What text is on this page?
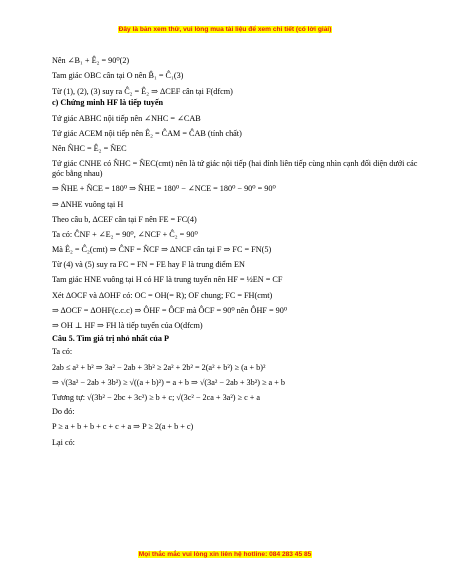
Đây là bản xem thử, vui lòng mua tài liệu để xem chi tiết (có lời giải)
Nên ∠B₁ + Ê₂ = 90⁰(2)
Tam giác OBC cân tại O nên B̂₁ = Ĉ₁(3)
Từ (1), (2), (3) suy ra Ĉ₂ = Ê₂ ⇒ ΔCEF cân tại F(dfcm)
c) Chứng minh HF là tiếp tuyến
Tứ giác ABHC nội tiếp nên ∠NHC = ∠CAB
Tứ giác ACEM nội tiếp nên Ê₂ = ĈAM = ĈAB (tính chất)
Nên N̂HC = Ê₂ = N̂EC
Tứ giác CNHE có N̂HC = N̂EC(cmt) nên là tứ giác nội tiếp (hai đỉnh liên tiếp cùng nhìn cạnh đối diện dưới các góc bằng nhau)
⇒ N̂HE + N̂CE = 180⁰ ⇒ N̂HE = 180⁰ − ∠NCE = 180⁰ − 90⁰ = 90⁰
⇒ ΔNHE vuông tại H
Theo câu b, ΔCEF cân tại F nên FE = FC(4)
Ta có: ĈNF + ∠E₂ = 90⁰, ∠NCF + Ĉ₂ = 90⁰
Mà Ê₂ = Ĉ₂(cmt) ⇒ ĈNF = N̂CF ⇒ ΔNCF cân tại F ⇒ FC = FN(5)
Từ (4) và (5) suy ra FC = FN = FE hay F là trung điểm EN
Tam giác HNE vuông tại H có HF là trung tuyến nên HF = ½EN = CF
Xét ΔOCF và ΔOHF có: OC = OH(= R); OF chung; FC = FH(cmt)
⇒ ΔOCF = ΔOHF(c.c.c) ⇒ ÔHF = ÔCF mà ÔCF = 90⁰ nên ÔHF = 90⁰
⇒ OH ⊥ HF ⇒ FH là tiếp tuyến của O(dfcm)
Câu 5. Tìm giá trị nhỏ nhất của P
Ta có:
2ab ≤ a² + b² ⇒ 3a² − 2ab + 3b² ≥ 2a² + 2b² = 2(a² + b²) ≥ (a + b)²
⇒ √(3a² − 2ab + 3b²) ≥ √((a + b)²) = a + b ⇒ √(3a² − 2ab + 3b²) ≥ a + b
Tương tự: √(3b² − 2bc + 3c²) ≥ b + c; √(3c² − 2ca + 3a²) ≥ c + a
Do đó:
P ≥ a + b + b + c + c + a ⇒ P ≥ 2(a + b + c)
Lại có:
Mọi thắc mắc vui lòng xin liên hệ hotline: 084 283 45 85
